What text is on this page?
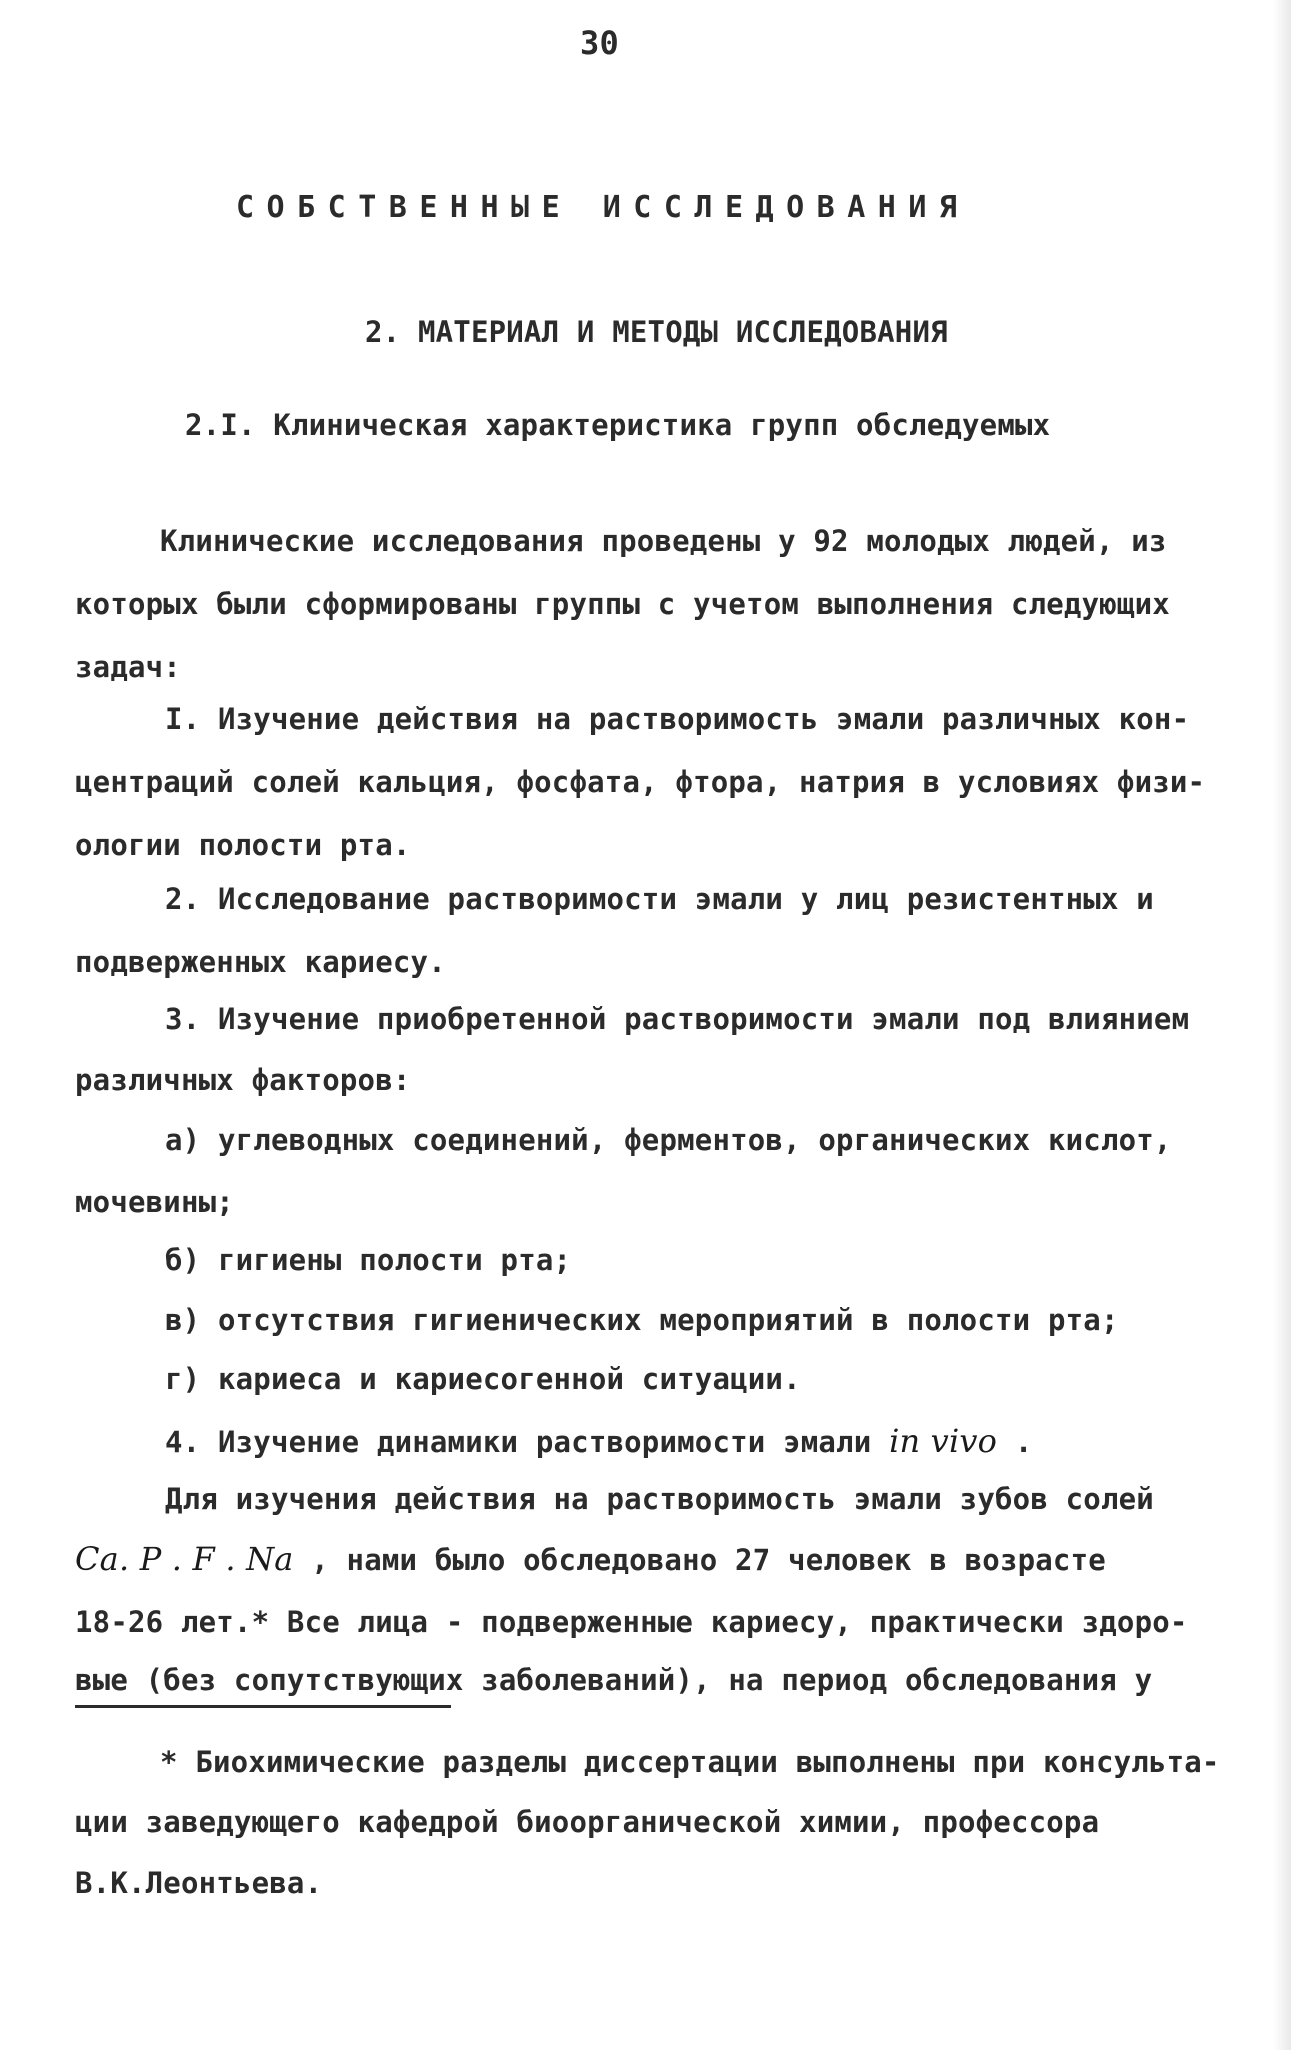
30
СОБСТВЕННЫЕ ИССЛЕДОВАНИЯ
2. МАТЕРИАЛ И МЕТОДЫ ИССЛЕДОВАНИЯ
2.I. Клиническая характеристика групп обследуемых
Клинические исследования проведены у 92 молодых людей, из
которых были сформированы группы с учетом выполнения следующих
задач:
I. Изучение действия на растворимость эмали различных кон-
центраций солей кальция, фосфата, фтора, натрия в условиях физи-
ологии полости рта.
2. Исследование растворимости эмали у лиц резистентных и
подверженных кариесу.
3. Изучение приобретенной растворимости эмали под влиянием
различных факторов:
а) углеводных соединений, ферментов, органических кислот,
мочевины;
б) гигиены полости рта;
в) отсутствия гигиенических мероприятий в полости рта;
г) кариеса и кариесогенной ситуации.
4. Изучение динамики растворимости эмали in vivo .
Для изучения действия на растворимость эмали зубов солей
Ca. P . F . Na , нами было обследовано 27 человек в возрасте
18-26 лет.* Все лица - подверженные кариесу, практически здоро-
вые (без сопутствующих заболеваний), на период обследования у
* Биохимические разделы диссертации выполнены при консульта-
ции заведующего кафедрой биоорганической химии, профессора
В.К.Леонтьева.
